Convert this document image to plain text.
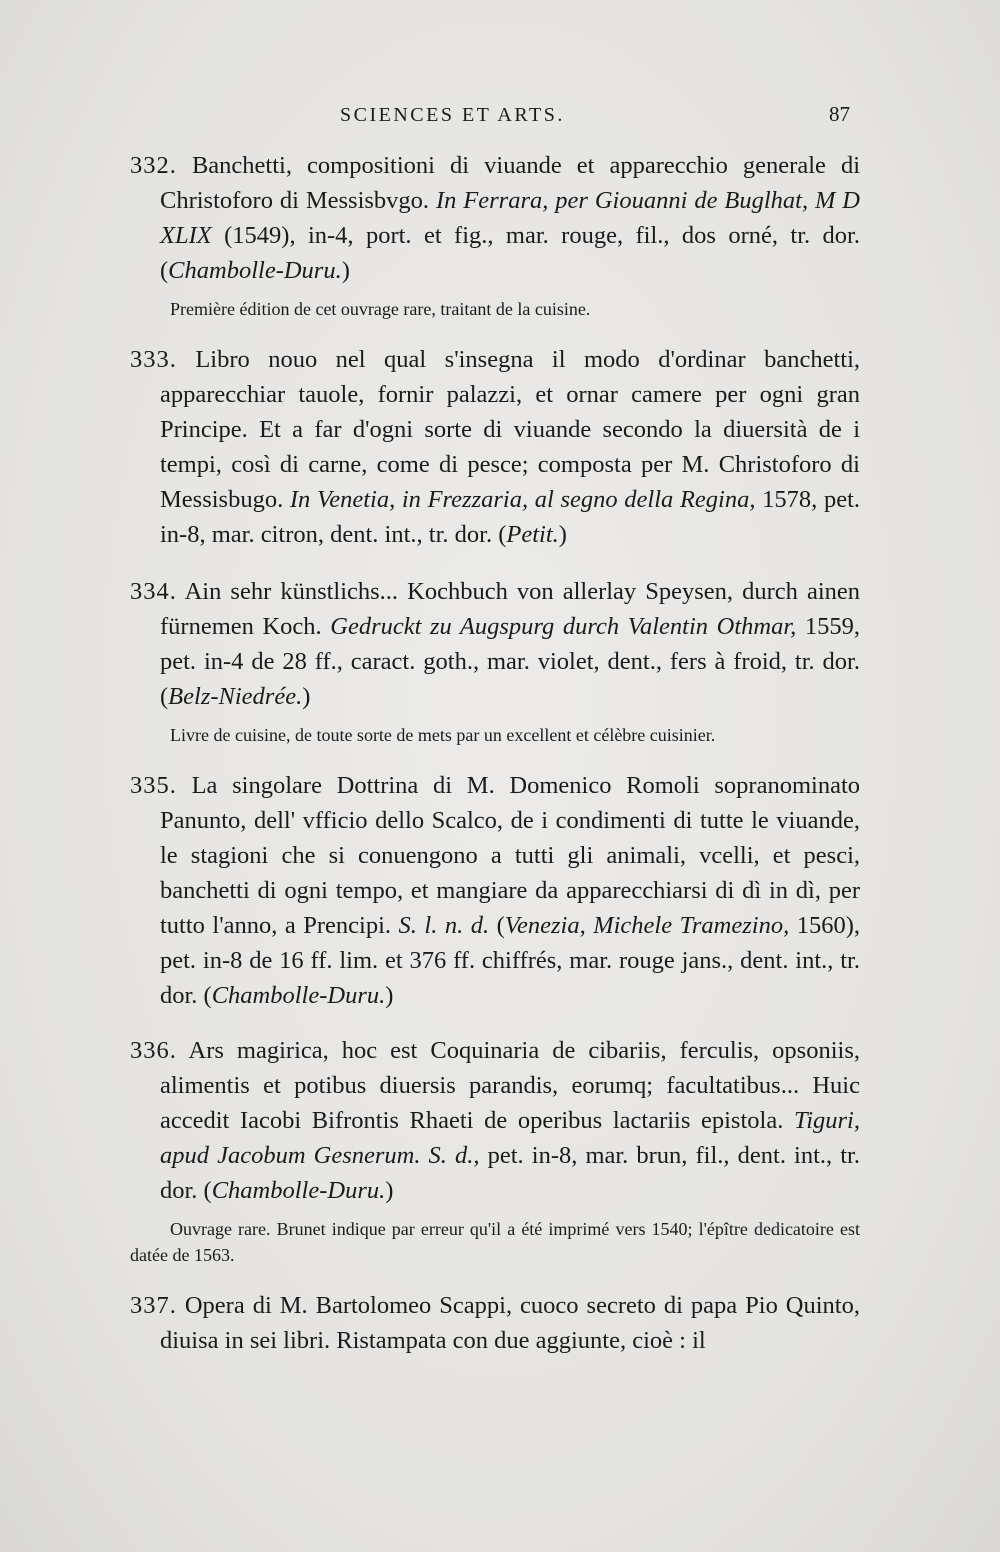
SCIENCES ET ARTS.	87

332. Banchetti, compositioni di viuande et apparecchio generale di Christoforo di Messisbvgo. In Ferrara, per Giouanni de Buglhat, M D XLIX (1549), in-4, port. et fig., mar. rouge, fil., dos orné, tr. dor. (Chambolle-Duru.)

Première édition de cet ouvrage rare, traitant de la cuisine.

333. Libro nouo nel qual s'insegna il modo d'ordinar banchetti, apparecchiar tauole, fornir palazzi, et ornar camere per ogni gran Principe. Et a far d'ogni sorte di viuande secondo la diuersità de i tempi, così di carne, come di pesce; composta per M. Christoforo di Messisbugo. In Venetia, in Frezzaria, al segno della Regina, 1578, pet. in-8, mar. citron, dent. int., tr. dor. (Petit.)

334. Ain sehr künstlichs... Kochbuch von allerlay Speysen, durch ainen fürnemen Koch. Gedruckt zu Augspurg durch Valentin Othmar, 1559, pet. in-4 de 28 ff., caract. goth., mar. violet, dent., fers à froid, tr. dor. (Belz-Niedrée.)

Livre de cuisine, de toute sorte de mets par un excellent et célèbre cuisinier.

335. La singolare Dottrina di M. Domenico Romoli sopranominato Panunto, dell' vfficio dello Scalco, de i condimenti di tutte le viuande, le stagioni che si conuengono a tutti gli animali, vcelli, et pesci, banchetti di ogni tempo, et mangiare da apparecchiarsi di dì in dì, per tutto l'anno, a Prencipi. S. l. n. d. (Venezia, Michele Tramezino, 1560), pet. in-8 de 16 ff. lim. et 376 ff. chiffrés, mar. rouge jans., dent. int., tr. dor. (Chambolle-Duru.)

336. Ars magirica, hoc est Coquinaria de cibariis, ferculis, opsoniis, alimentis et potibus diuersis parandis, eorumq; facultatibus... Huic accedit Iacobi Bifrontis Rhaeti de operibus lactariis epistola. Tiguri, apud Jacobum Gesnerum. S. d., pet. in-8, mar. brun, fil., dent. int., tr. dor. (Chambolle-Duru.)

Ouvrage rare. Brunet indique par erreur qu'il a été imprimé vers 1540; l'épître dedicatoire est datée de 1563.

337. Opera di M. Bartolomeo Scappi, cuoco secreto di papa Pio Quinto, diuisa in sei libri. Ristampata con due aggiunte, cioè : il
